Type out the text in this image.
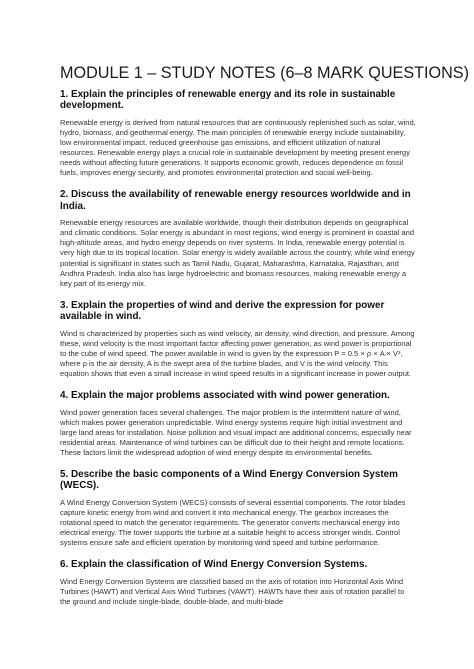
MODULE 1 – STUDY NOTES (6–8 MARK QUESTIONS)
1. Explain the principles of renewable energy and its role in sustainable development.
Renewable energy is derived from natural resources that are continuously replenished such as solar, wind, hydro, biomass, and geothermal energy. The main principles of renewable energy include sustainability, low environmental impact, reduced greenhouse gas emissions, and efficient utilization of natural resources. Renewable energy plays a crucial role in sustainable development by meeting present energy needs without affecting future generations. It supports economic growth, reduces dependence on fossil fuels, improves energy security, and promotes environmental protection and social well-being.
2. Discuss the availability of renewable energy resources worldwide and in India.
Renewable energy resources are available worldwide, though their distribution depends on geographical and climatic conditions. Solar energy is abundant in most regions, wind energy is prominent in coastal and high-altitude areas, and hydro energy depends on river systems. In India, renewable energy potential is very high due to its tropical location. Solar energy is widely available across the country, while wind energy potential is significant in states such as Tamil Nadu, Gujarat, Maharashtra, Karnataka, Rajasthan, and Andhra Pradesh. India also has large hydroelectric and biomass resources, making renewable energy a key part of its energy mix.
3. Explain the properties of wind and derive the expression for power available in wind.
Wind is characterized by properties such as wind velocity, air density, wind direction, and pressure. Among these, wind velocity is the most important factor affecting power generation, as wind power is proportional to the cube of wind speed. The power available in wind is given by the expression P = 0.5 × ρ × A × V³, where ρ is the air density, A is the swept area of the turbine blades, and V is the wind velocity. This equation shows that even a small increase in wind speed results in a significant increase in power output.
4. Explain the major problems associated with wind power generation.
Wind power generation faces several challenges. The major problem is the intermittent nature of wind, which makes power generation unpredictable. Wind energy systems require high initial investment and large land areas for installation. Noise pollution and visual impact are additional concerns, especially near residential areas. Maintenance of wind turbines can be difficult due to their height and remote locations. These factors limit the widespread adoption of wind energy despite its environmental benefits.
5. Describe the basic components of a Wind Energy Conversion System (WECS).
A Wind Energy Conversion System (WECS) consists of several essential components. The rotor blades capture kinetic energy from wind and convert it into mechanical energy. The gearbox increases the rotational speed to match the generator requirements. The generator converts mechanical energy into electrical energy. The tower supports the turbine at a suitable height to access stronger winds. Control systems ensure safe and efficient operation by monitoring wind speed and turbine performance.
6. Explain the classification of Wind Energy Conversion Systems.
Wind Energy Conversion Systems are classified based on the axis of rotation into Horizontal Axis Wind Turbines (HAWT) and Vertical Axis Wind Turbines (VAWT). HAWTs have their axis of rotation parallel to the ground and include single-blade, double-blade, and multi-blade
